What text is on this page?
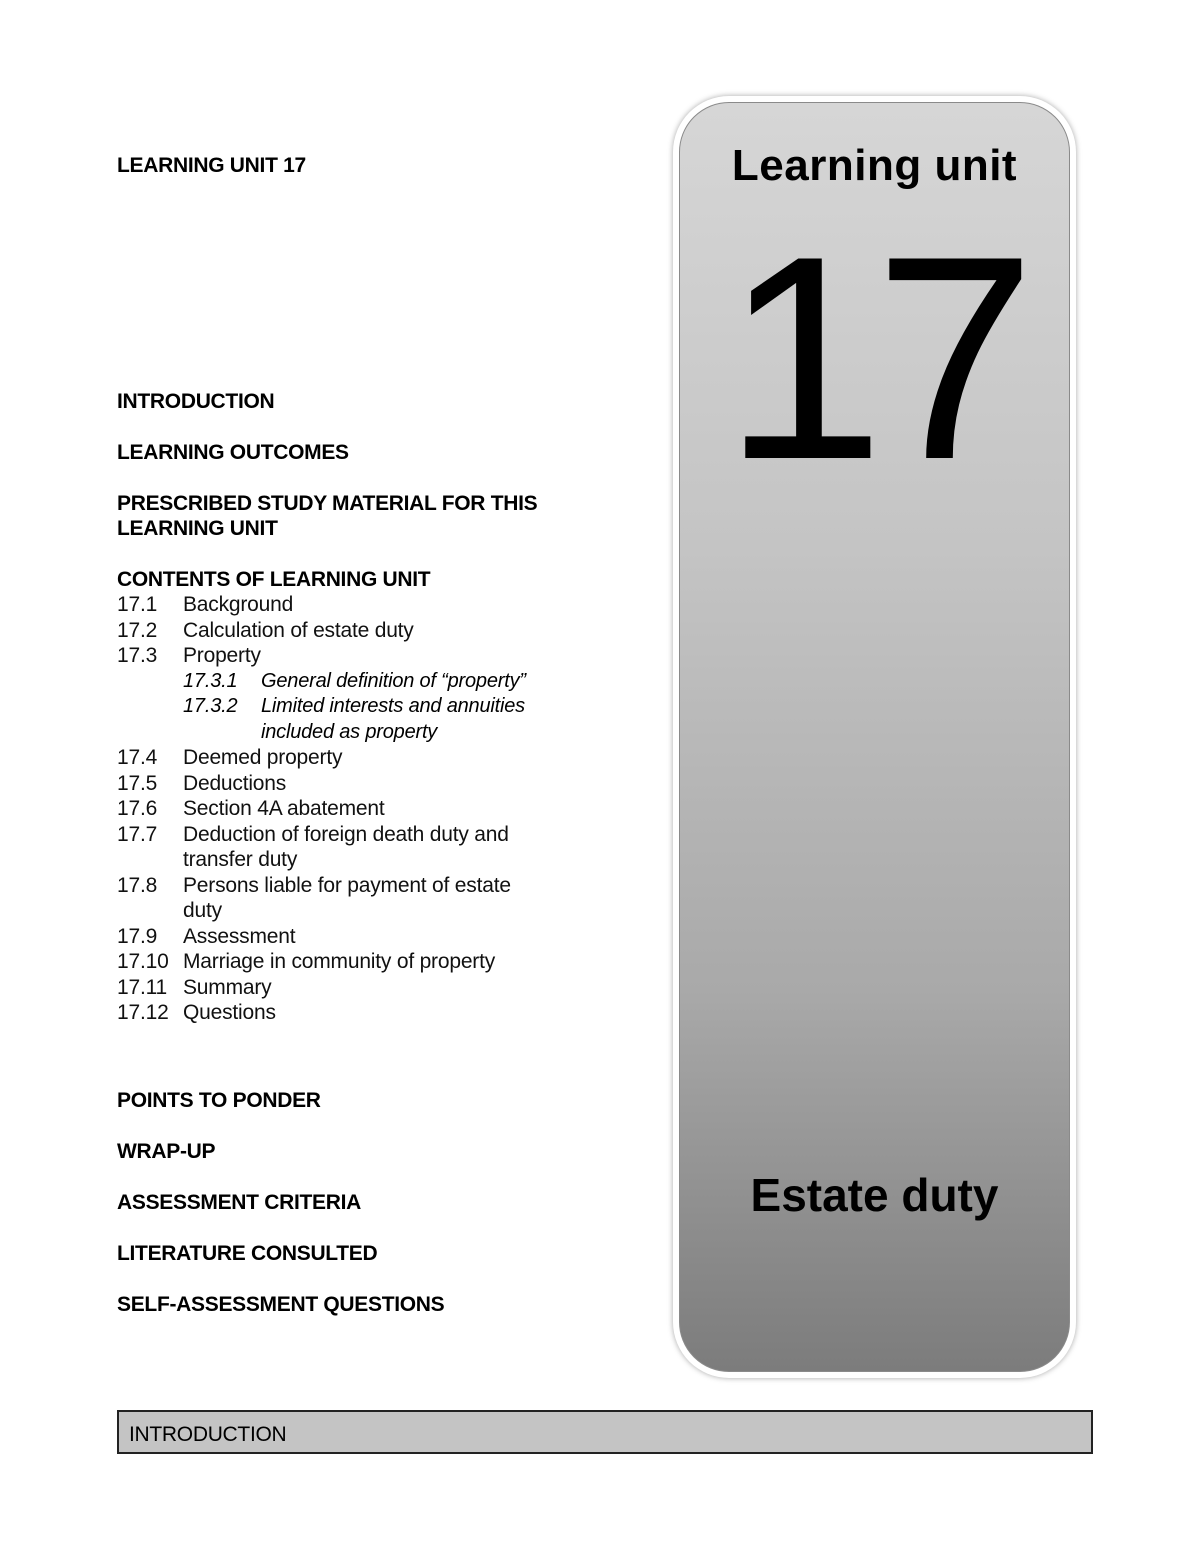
LEARNING UNIT 17

INTRODUCTION

LEARNING OUTCOMES

PRESCRIBED STUDY MATERIAL FOR THIS LEARNING UNIT

CONTENTS OF LEARNING UNIT

17.1	Background
17.2	Calculation of estate duty
17.3	Property
17.3.1	General definition of “property”
17.3.2	Limited interests and annuities included as property
17.4	Deemed property
17.5	Deductions
17.6	Section 4A abatement
17.7	Deduction of foreign death duty and transfer duty
17.8	Persons liable for payment of estate duty
17.9	Assessment
17.10 Marriage in community of property
17.11 Summary
17.12 Questions

POINTS TO PONDER

WRAP-UP

ASSESSMENT CRITERIA

LITERATURE CONSULTED

SELF-ASSESSMENT QUESTIONS

Learning unit
17
Estate duty
INTRODUCTION
